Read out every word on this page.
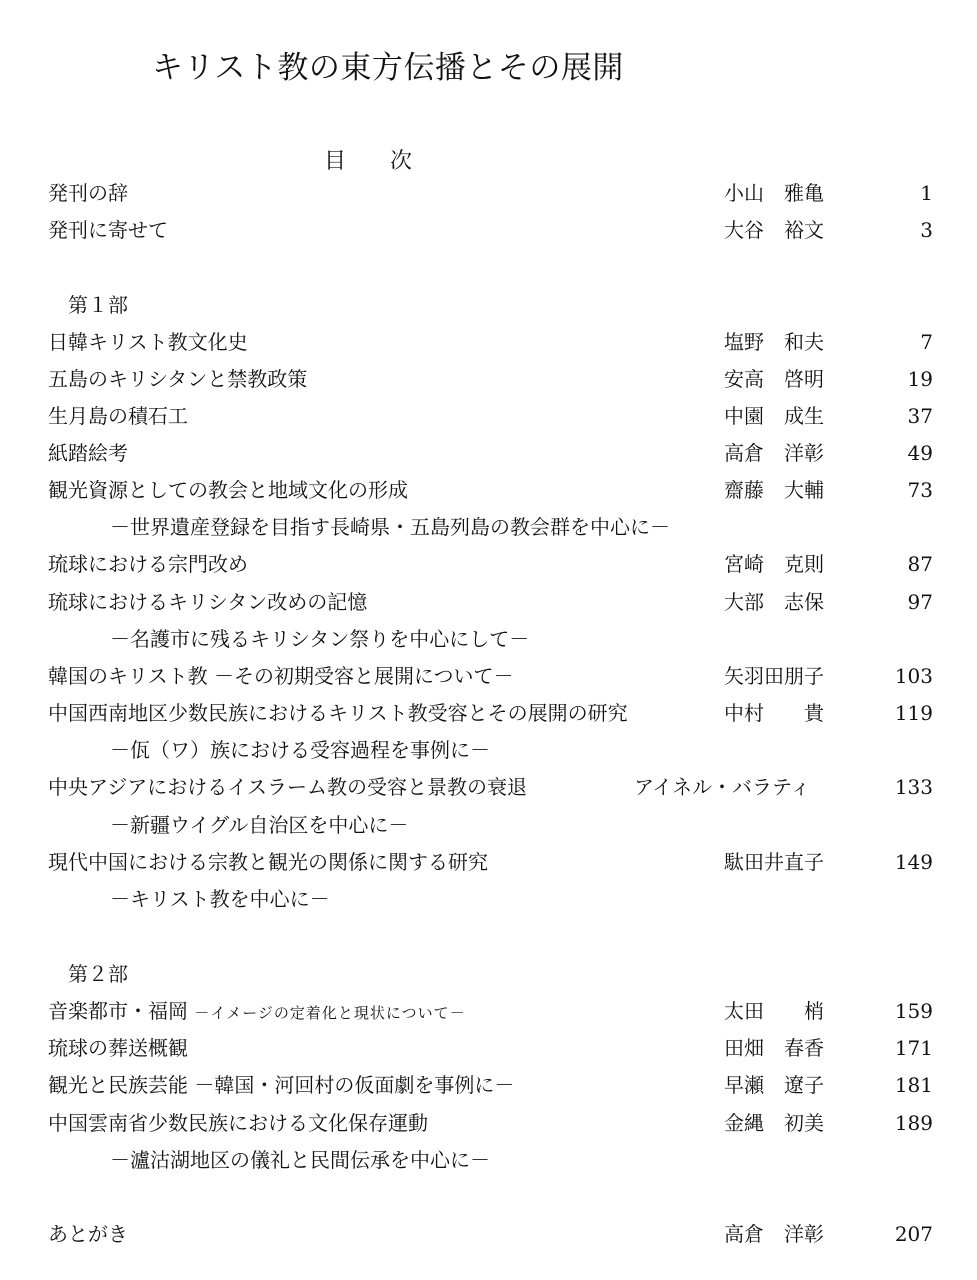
キリスト教の東方伝播とその展開
目次
発刊の辞	小山　雅亀	1
発刊に寄せて	大谷　裕文	3
第１部
日韓キリスト教文化史	塩野　和夫	7
五島のキリシタンと禁教政策	安高　啓明	19
生月島の積石工	中園　成生	37
紙踏絵考	高倉　洋彰	49
観光資源としての教会と地域文化の形成	齋藤　大輔	73
－世界遺産登録を目指す長崎県・五島列島の教会群を中心に－
琉球における宗門改め	宮崎　克則	87
琉球におけるキリシタン改めの記憶	大部　志保	97
－名護市に残るキリシタン祭りを中心にして－
韓国のキリスト教 －その初期受容と展開について－	矢羽田朋子	103
中国西南地区少数民族におけるキリスト教受容とその展開の研究	中村　　貴	119
－佤（ワ）族における受容過程を事例に－
中央アジアにおけるイスラーム教の受容と景教の衰退	アイネル・バラティ	133
－新疆ウイグル自治区を中心に－
現代中国における宗教と観光の関係に関する研究	駄田井直子	149
－キリスト教を中心に－
第２部
音楽都市・福岡 －イメージの定着化と現状について－	太田　　梢	159
琉球の葬送概観	田畑　春香	171
観光と民族芸能 －韓国・河回村の仮面劇を事例に－	早瀬　遼子	181
中国雲南省少数民族における文化保存運動	金縄　初美	189
－瀘沽湖地区の儀礼と民間伝承を中心に－
あとがき	高倉　洋彰	207
